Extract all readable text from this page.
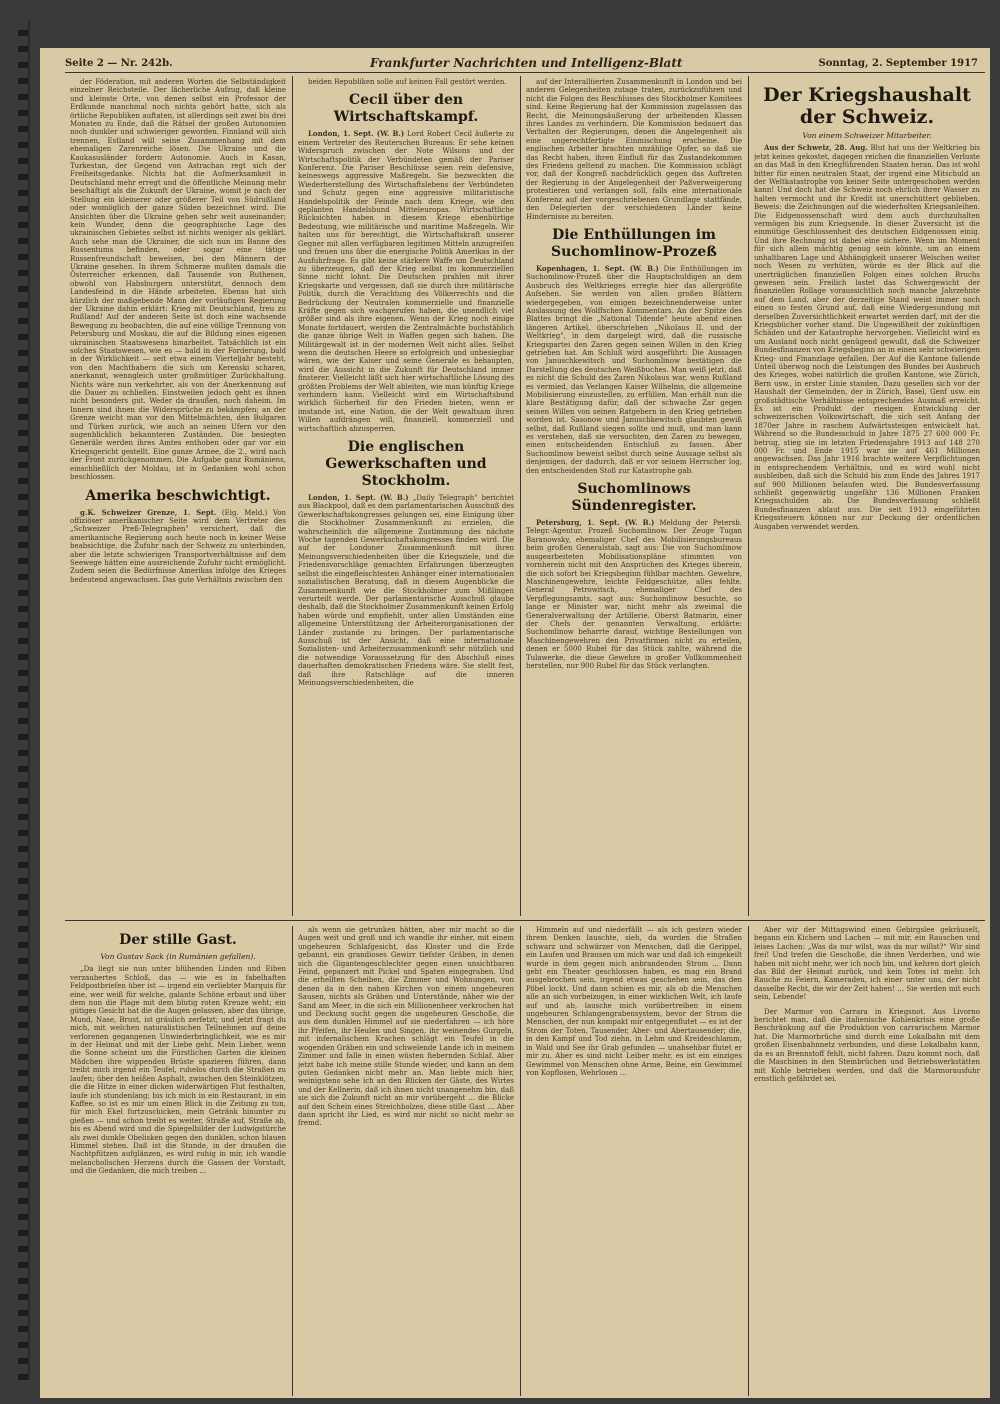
Seite 2 — Nr. 242b.	Frankfurter Nachrichten und Intelligenz-Blatt	Sonntag, 2. September 1917

der Föderation, mit anderen Worten die Selbständigkeit einzelner Reichsteile. Der lächerliche Aufzug, daß kleine und kleinste Orte, von denen selbst ein Professor der Erdkunde manchmal noch nichts gehört hatte, sich als örtliche Republiken auftaten, ist allerdings seit zwei bis drei Monaten zu Ende, daß die Rätsel der großen Autonomien noch dunkler und schwieriger geworden. Finnland will sich trennen, Estland will seine Zusammenhang mit dem ehemaligen Zarenreiche lösen. Die Ukraine und die Kaukasusländer fordern Autonomie. Auch in Kasan, Turkestan, der Gegend von Astrachan regt sich der Freiheitsgedanke. Nichts hat die Aufmerksamkeit in Deutschland mehr erregt und die öffentliche Meinung mehr beschäftigt als die Zukunft der Ukraine, womit je nach der Stellung ein kleinerer oder größerer Teil von Südrußland oder womöglich der ganze Süden bezeichnet wird. Die Ansichten über die Ukraine gehen sehr weit auseinander; kein Wunder, denn die geographische Lage des ukrainischen Gebietes selbst ist nichts weniger als geklärt. Auch sehe man die Ukrainer, die sich nun im Banne des Russentums befinden, oder sogar eine tätige Russenfreundschaft beweisen, bei den Männern der Ukraine gesehen. In ihrem Schmerze mußten damals die Österreicher erkennen, daß Tausende von Ruthenen, obwohl von Habsburgern unterstützt, dennoch dem Landesfeind in die Hände arbeiteten. Ebenso hat sich kürzlich der maßgebende Mann der vorläufigen Regierung der Ukraine dahin erklärt: Krieg mit Deutschland, treu zu Rußland! Auf der anderen Seite ist doch eine wachsende Bewegung zu beobachten, die auf eine völlige Trennung von Petersburg und Moskau, die auf die Bildung eines eigenen ukrainischen Staatswesens hinarbeitet. Tatsächlich ist ein solches Staatswesen, wie es — bald in der Forderung, bald in der Wirklichkeit — seit etwa einem Vierteljahr besteht, von den Machthabern die sich um Kerenski scharen, anerkannt, wenngleich unter großmütiger Zurückhaltung. Nichts wäre nun verkehrter, als von der Anerkennung auf die Dauer zu schließen. Einstweilen jedoch geht es ihnen nicht besonders gut. Weder da draußen, noch daheim. Im Innern sind ihnen die Widersprüche zu bekämpfen; an der Grenze weicht man vor den Mittelmächten, den Bulgaren und Türken zurück, wie auch an seinen Ufern vor den augenblicklich bekannteren Zuständen. Die besiegten Generäle werden ihres Amtes enthoben oder gar vor ein Kriegsgericht gestellt. Eine ganze Armee, die 2., wird nach der Front zurückgenommen. Die Aufgabe ganz Rumäniens, einschließlich der Moldau, ist in Gedanken wohl schon beschlossen.

Amerika beschwichtigt.

g.K. Schweizer Grenze, 1. Sept. (Eig. Meld.) Von offiziöser amerikanischer Seite wird dem Vertreter des „Schweizer Preß-Telegraphen" versichert, daß die amerikanische Regierung auch heute noch in keiner Weise beabsichtige, die Zufuhr nach der Schweiz zu unterbinden, aber die letzte schwierigen Transportverhältnisse auf dem Seewege hätten eine ausreichende Zufuhr nicht ermöglicht. Zudem seien die Bedürfnisse Amerikas infolge des Krieges bedeutend angewachsen. Das gute Verhältnis zwischen den

beiden Republiken solle auf keinen Fall gestört werden.

Cecil über den Wirtschaftskampf.

London, 1. Sept. (W. B.) Lord Robert Cecil äußerte zu einem Vertreter des Reuterschen Bureaus: Er sehe keinen Widerspruch zwischen der Note Wilsons und der Wirtschaftspolitik der Verbündeten gemäß der Pariser Konferenz. Die Pariser Beschlüsse seien rein defensive, keineswegs aggressive Maßregeln. Sie bezweckten die Wiederherstellung des Wirtschaftslebens der Verbündeten und Schutz gegen eine aggressive militaristische Handelspolitik der Feinde nach dem Kriege, wie den geplanten Handelsbund Mitteleuropas. Wirtschaftliche Rücksichten haben in diesem Kriege ebenbürtige Bedeutung, wie militärische und maritime Maßregeln. Wir halten uns für berechtigt, die Wirtschaftskraft unserer Gegner mit allen verfügbaren legitimen Mitteln anzugreifen und freuen uns über die energische Politik Amerikas in der Ausfuhrfrage. Es gibt keine stärkere Waffe um Deutschland zu überzeugen, daß der Krieg selbst im kommerziellen Sinne nicht lohnt. Die Deutschen prahlen mit ihrer Kriegskarte und vergessen, daß sie durch ihre militärische Politik, durch die Verachtung des Völkerrechts und die Bedrückung der Neutralen kommerzielle und finanzielle Kräfte gegen sich wachgerufen haben, die unendlich viel größer sind als ihre eigenen. Wenn der Krieg noch einige Monate fortdauert, werden die Zentralmächte buchstäblich die ganze übrige Welt in Waffen gegen sich haben. Die Militärgewalt ist in der modernen Welt nicht alles. Selbst wenn die deutschen Heere so erfolgreich und unbesiegbar wären, wie der Kaiser und seine Generale es behaupten, wird die Aussicht in die Zukunft für Deutschland immer finsterer. Vielleicht läßt sich hier wirtschaftliche Lösung des größten Problems der Welt ableiten, wie man künftig Kriege verhindern kann. Vielleicht wird ein Wirtschaftsbund wirklich Sicherheit für den Frieden bieten, wenn er imstande ist, eine Nation, die der Welt gewaltsam ihren Willen aufdrängen will, finanziell, kommerziell und wirtschaftlich abzusperren.

Die englischen Gewerkschaften und Stockholm.

London, 1. Sept. (W. B.) „Daily Telegraph" berichtet aus Blackpool, daß es dem parlamentarischen Ausschuß des Gewerkschaftskongresses gelungen sei, eine Einigung über die Stockholmer Zusammenkunft zu erzielen, die wahrscheinlich die allgemeine Zustimmung des nächste Woche tagenden Gewerkschaftskongresses finden wird. Die auf der Londoner Zusammenkunft mit ihren Meinungsverschiedenheiten über die Kriegsziele, und die Friedensvorschläge gemachten Erfahrungen überzeugten selbst die eingefleischtesten Anhänger einer internationalen sozialistischen Beratung, daß in diesem Augenblicke die Zusammenkunft wie die Stockholmer zum Mißlingen verurteilt werde. Der parlamentarische Ausschuß glaube deshalb, daß die Stockholmer Zusammenkunft keinen Erfolg haben würde und empfiehlt, unter allen Umständen eine allgemeine Unterstützung der Arbeiterorganisationen der Länder zustande zu bringen. Der parlamentarische Ausschuß ist der Ansicht, daß eine internationale Sozialisten- und Arbeiterzusammenkunft sehr nützlich und die notwendige Voraussetzung für den Abschluß eines dauerhaften demokratischen Friedens wäre. Sie stellt fest, daß ihre Ratschläge auf die inneren Meinungsverschiedenheiten, die

auf der Interalliierten Zusammenkunft in London und bei anderen Gelegenheiten zutage traten, zurückzuführen und nicht die Folgen des Beschlusses des Stockholmer Komitees sind. Keine Regierung hat der Kommission zugelassen das Recht, die Meinungsäußerung der arbeitenden Klassen ihres Landes zu verhindern. Die Kommission bedauert das Verhalten der Regierungen, denen die Angelegenheit als eine ungerechtfertigte Einmischung erscheine. Die englischen Arbeiter brachten unzählige Opfer, so daß sie das Recht haben, ihren Einfluß für das Zustandekommen des Friedens geltend zu machen. Die Kommission schlägt vor, daß der Kongreß nachdrücklich gegen das Auftreten der Regierung in der Angelegenheit der Paßverweigerung protestieren und verlangen soll, falls eine internationale Konferenz auf der vorgeschriebenen Grundlage stattfände, den Delegierten der verschiedenen Länder keine Hindernisse zu bereiten.

Die Enthüllungen im Suchomlinow-Prozeß

Kopenhagen, 1. Sept. (W. B.) Die Enthüllungen im Suchomlinow-Prozeß über die Hauptschuldigen an dem Ausbruch des Weltkrieges erregte hier das allergrößte Aufsehen. Sie werden von allen großen Blättern wiedergegeben, von einigen bezeichnenderweise unter Auslassung des Wolffschen Kommentars. An der Spitze des Blattes bringt die „National Tidende" heute abend einen längeren Artikel, überschrieben „Nikolaus II. und der Weltkrieg", in dem dargelegt wird, daß die russische Kriegspartei den Zaren gegen seinen Willen in den Krieg getrieben hat. Am Schluß wird ausgeführt: Die Aussagen von Januschkewitsch und Suchomlinow bestätigen die Darstellung des deutschen Weißbuches. Man weiß jetzt, daß es nicht die Schuld des Zaren Nikolaus war, wenn Rußland es vermied, das Verlangen Kaiser Wilhelms, die allgemeine Mobilisierung einzustellen, zu erfüllen. Man erhält nun die klare Bestätigung dafür, daß der schwache Zar gegen seinen Willen von seinen Ratgebern in den Krieg getrieben worden ist. Sasonow und Januschkewitsch glaubten gewiß selbst, daß Rußland siegen sollte und muß, und man kann es verstehen, daß sie versuchten, den Zaren zu bewegen, einen entscheidenden Entschluß zu fassen. Aber Suchomlinow beweist selbst durch seine Aussage selbst als denjenigen, der dadurch, daß er vor seinem Herrscher log, den entscheidenden Stoß zur Katastrophe gab.

Suchomlinows Sündenregister.

Petersburg, 1. Sept. (W. B.) Meldung der Petersb. Telegr.-Agentur. Prozeß Suchomlinow. Der Zeuge Tugan Baranowsky, ehemaliger Chef des Mobilisierungsbureaus beim großen Generalstab, sagt aus: Die von Suchomlinow ausgearbeiteten Mobilisationspläne stimmten von vornherein nicht mit den Ansprüchen des Krieges überein, die sich sofort bei Kriegsbeginn fühlbar machten. Gewehre, Maschinengewehre, leichte Feldgeschütze, alles fehlte. General Petrowitsch, ehemaliger Chef des Verpflegungsamts, sagt aus: Suchomlinow besuchte, so lange er Minister war, nicht mehr als zweimal die Generalverwaltung der Artillerie. Oberst Batmarin, einer der Chefs der genannten Verwaltung, erklärte: Suchomlinow beharrte darauf, wichtige Bestellungen von Maschinengewehren den Privatfirmen nicht zu erteilen, denen er 5000 Rubel für das Stück zahlte, während die Tulawerke, die diese Gewehre in großer Vollkommenheit herstellen, nur 900 Rubel für das Stück verlangten.

Der Kriegshaushalt der Schweiz.
Von einem Schweizer Mitarbeiter.

Aus der Schweiz, 28. Aug. Blut hat uns der Weltkrieg bis jetzt keines gekostet, dagegen reichen die finanziellen Verluste an das Maß in den Kriegführenden Staaten heran. Das ist wohl bitter für einen neutralen Staat, der irgend eine Mitschuld an der Weltkatastrophe von keiner Seite untergeschoben werden kann! Und doch hat die Schweiz noch ehrlich ihrer Wasser zu halten vermocht und ihr Kredit ist unerschüttert geblieben. Beweis: die Zeichnungen auf die wiederholten Kriegsanleihen. Die Eidgenossenschaft wird dem auch durchzuhalten vermögen bis zum Kriegsende. In dieser Zuversicht ist die einmütige Geschlossenheit des deutschen Eidgenossen einig. Und ihre Rechnung ist dabei eine sichere. Wenn im Moment für sich allein mächtig genug sein könnte, um an einem unhaltbaren Lage und Abhängigkeit unserer Welschen weiter noch Wesen zu verhüten, würde es der Blick auf die unerträglichen finanziellen Folgen eines solchen Bruchs gewesen sein. Freilich lastet das Schwergewicht der finanziellen Rollage voraussichtlich noch manche Jahrzehnte auf dem Land, aber der derzeitige Stand weist immer noch einen so festen Grund auf, daß eine Wiedergesundung mit derselben Zuversichtlichkeit erwartet werden darf, mit der die Kriegsbücher vorher stand. Die Ungewißheit der zukünftigen Schäden und der Katastrophe hervorgehen. Vielleicht wird es um Ausland noch nicht genügend gewußt, daß die Schweizer Bundesfinanzen von Kriegsbeginn an in einen sehr schwierigen Krieg- und Finanzlage gefallen. Der Auf die Kantone fallende Unteil überwog noch die Leistungen des Bundes bei Ausbruch des Krieges, wobei natürlich die großen Kantone, wie Zürich, Bern usw., in erster Linie standen. Dazu gesellen sich vor der Haushalt der Gemeinden, der in Zürich, Basel, Genf usw. ein großstädtische Verhältnisse entsprechendes Ausmaß erreicht. Es ist ein Produkt der riesigen Entwicklung der schweizerischen Volkswirtschaft, die sich seit Anfang der 1870er Jahre in raschem Aufwärtssteigen entwickelt hat. Während so die Bundesschuld in Jahre 1875 27 600 000 Fr. betrug, stieg sie im letzten Friedensjahre 1913 auf 148 270 000 Fr. und Ende 1915 war sie auf 461 Millionen angewachsen. Das Jahr 1916 brachte weitere Verpflichtungen in entsprechendem Verhältnis, und es wird wohl nicht ausbleiben, daß sich die Schuld bis zum Ende des Jahres 1917 auf 900 Millionen belaufen wird. Die Bundesverfassung schließt gegenwärtig ungefähr 136 Millionen Franken Kriegsschulden ab. Die Bundesverfassung schließt Bundesfinanzen ablaut aus. Die seit 1913 eingeführten Kriegssteuern können nur zur Deckung der ordentlichen Ausgaben verwendet werden.

Der stille Gast.
Von Gustav Sack (in Rumänien gefallen).

„Da liegt sie nun unter blühenden Linden und Eiben verzaubertes Schloß, das — wie es in fabelhaften Feldpostbriefen über ist — irgend ein verliebter Marquis für eine, wer weiß für welche, galante Schöne erbaut und über dem nun die Plage mit dem blutig roten Kreuze weht; ein gütiges Gesicht hat die die Augen gelassen, aber das übrige, Mund, Nase, Brust, ist gräulich zerfetzt; und jetzt fragt du mich, mit welchen naturalistischen Teilnehmen auf deine verlorenen gegangenen Unwiederbringlichkeit, wie es mir in der Heimat und mit der Liebe geht. Mein Lieber, wenn die Sonne scheint um die Fürstlichen Garten die kleinen Mädchen ihre wippenden Brüste spazieren führen, dann treibt mich irgend ein Teufel, ruhelos durch die Straßen zu laufen; über den heißen Asphalt, zwischen den Steinklötzen, die die Hitze in einer dicken widerwärtigen Flut festhalten, laufe ich stundenlang; bis ich mich in ein Restaurant, in ein Kaffee, so ist es mir um einen Blick in die Zeitung zu tun, für mich Ekel fortzuschicken, mein Getränk hinunter zu gießen — und schon treibt es weiter, Straße auf, Straße ab, bis es Abend wird und die Spiegelbilder der Ludwigstürche als zwei dunkle Obelisken gegen den dunklen, schon blauen Himmel stehen. Daß ist die Stunde, in der draußen die Nachtpfützen aufglänzen, es wird ruhig in mir, ich wandle melancholischen Herzens durch die Gassen der Vorstadt, und die Gedanken, die mich treiben ...

als wenn sie getrunken hätten, aber mir macht so die Augen weit und groß und ich wandle ihr einher, mit einem ungeheuren Schlafgesicht, das Kloster und die Erde gebannt, ein grandioses Gewirr tiefster Gräben, in denen sich die Gigantengeschlechter gegen einen unsichtbaren Feind, gepanzert mit Pickel und Spaten eingegraben. Und die erhellten Scheiben, die Zimmer und Wohnungen, von denen da in den nahen Kirchen von einem ungeheuren Sausen, nichts als Gräben und Unterstände, näher wie der Sand am Meer, in die sich ein Millionenheer verkrochen hat und Deckung sucht gegen die ungeheuren Geschoße, die aus dem dunklen Himmel auf sie niederfahren — ich höre ihr Pfeifen, ihr Heulen und Singen, ihr weinendes Gurgeln, mit infernalischem Krachen schlägt ein Teufel in die wogenden Gräben ein und schwelende Lande ich in meinem Zimmer und falle in einen wüsten fiebernden Schlaf. Aber jetzt habe ich meine stille Stunde wieder, und kann an dem guten Gedanken nicht mehr an. Man liebte mich hier, weinigstens sehe ich an den Blicken der Gäste, des Wirtes und der Kellnerin, daß ich ihnen nicht unangenehm bin, daß sie sich die Zukunft nicht an mir vorübergeht ... die Blicke auf den Schein eines Streichholzes, diese stille Gast ... Aber dann spricht ihr Lied, es wird mir nicht so nicht mehr so fremd.

Himmeln auf und niederfällt — als ich gestern wieder ihrem Denken lauschte, sieh, da wurden die Straßen schwarz und schwärzer von Menschen, daß die Gerippel, ein Laufen und Brausen um mich war und daß ich eingekeilt wurde in dem gegen mich anbrandenden Strom ... Dann geht ein Theater geschlossen haben, es mag ein Brand ausgebrochen sein, irgend etwas geschehen sein, das den Pöbel lockt. Und dann schien es mir, als ob die Menschen alle an sich vorbeizogen, in einer wirklichen Welt, ich laufe auf und ab, lausche mich vorübertreiben in einem ungeheuren Schlangengrabensystem, bevor der Strom die Menschen, der nun kompakt mir entgegenflutet — es ist der Strom der Toten, Tausender, Aber- und Abertausender; die, in den Kampf und Tod ziehn, in Lehm und Kreideschlamm, in Wald und See ihr Grab gefunden — unabsehbar flutet er mir zu. Aber es sind nicht Leiber mehr, es ist ein einziges Gewimmel von Menschen ohne Arme, Beine, ein Gewimmel von Kopflosen, Wehrlosen ...

Aber wir der Mittagswind einen Gebirgslee gekräuselt, begann ein Kichern und Lachen — mit mir, ein Rauschen und leises Lachen: „Was da nur wilst, was da nur willst?“ Wir sind frei! Und trefen die Geschoße, die ihnen Verderben, und wie haben mit nicht mehr, wer ich noch bin, und kehren dort gleich das Bild der Heimat zurück, und kein Totes ist mehr. Ich Rauche zu Feiern, Kameraden, ich einer unter uns, der nicht dasselbe Recht, die wir der Zeit haben! ... Sie werden mit euch sein, Lebende!

Der Marmor von Carrara in Kriegsnot. Aus Livorno berichtet man, daß die italienische Kohlenkrisis eine große Beschränkung auf die Produktion von carrarischem Marmor hat. Die Marmorbrüche sind durch eine Lokalbahn mit dem großen Eisenbahnnetz verbunden, und diese Lokalbahn kann, da es an Brennstoff fehlt, nicht fahren. Dazu kommt noch, daß die Maschinen in den Steinbrüchen und Betriebswerkstätten mit Kohle betrieben werden, und daß die Marmorausfuhr ernstlich gefährdet sei.
